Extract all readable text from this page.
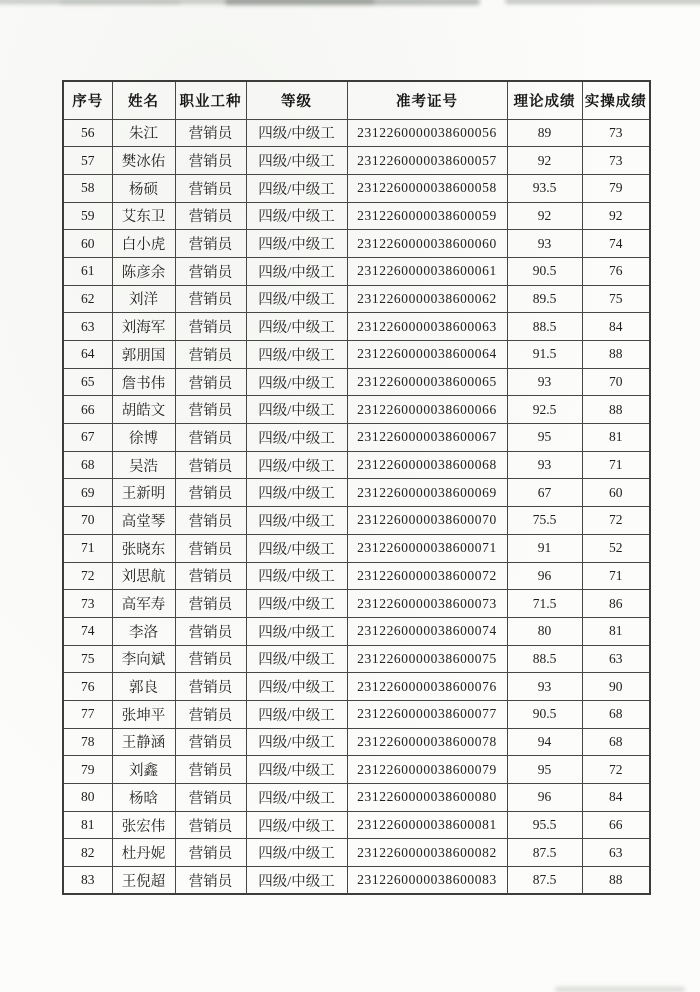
序号	姓名	职业工种	等级	准考证号	理论成绩	实操成绩
56	朱江	营销员	四级/中级工	2312260000038600056	89	73
57	樊冰佑	营销员	四级/中级工	2312260000038600057	92	73
58	杨硕	营销员	四级/中级工	2312260000038600058	93.5	79
59	艾东卫	营销员	四级/中级工	2312260000038600059	92	92
60	白小虎	营销员	四级/中级工	2312260000038600060	93	74
61	陈彦余	营销员	四级/中级工	2312260000038600061	90.5	76
62	刘洋	营销员	四级/中级工	2312260000038600062	89.5	75
63	刘海军	营销员	四级/中级工	2312260000038600063	88.5	84
64	郭朋国	营销员	四级/中级工	2312260000038600064	91.5	88
65	詹书伟	营销员	四级/中级工	2312260000038600065	93	70
66	胡皓文	营销员	四级/中级工	2312260000038600066	92.5	88
67	徐博	营销员	四级/中级工	2312260000038600067	95	81
68	吴浩	营销员	四级/中级工	2312260000038600068	93	71
69	王新明	营销员	四级/中级工	2312260000038600069	67	60
70	高堂琴	营销员	四级/中级工	2312260000038600070	75.5	72
71	张晓东	营销员	四级/中级工	2312260000038600071	91	52
72	刘思航	营销员	四级/中级工	2312260000038600072	96	71
73	高军寿	营销员	四级/中级工	2312260000038600073	71.5	86
74	李洛	营销员	四级/中级工	2312260000038600074	80	81
75	李向斌	营销员	四级/中级工	2312260000038600075	88.5	63
76	郭良	营销员	四级/中级工	2312260000038600076	93	90
77	张坤平	营销员	四级/中级工	2312260000038600077	90.5	68
78	王静涵	营销员	四级/中级工	2312260000038600078	94	68
79	刘鑫	营销员	四级/中级工	2312260000038600079	95	72
80	杨晗	营销员	四级/中级工	2312260000038600080	96	84
81	张宏伟	营销员	四级/中级工	2312260000038600081	95.5	66
82	杜丹妮	营销员	四级/中级工	2312260000038600082	87.5	63
83	王倪超	营销员	四级/中级工	2312260000038600083	87.5	88
